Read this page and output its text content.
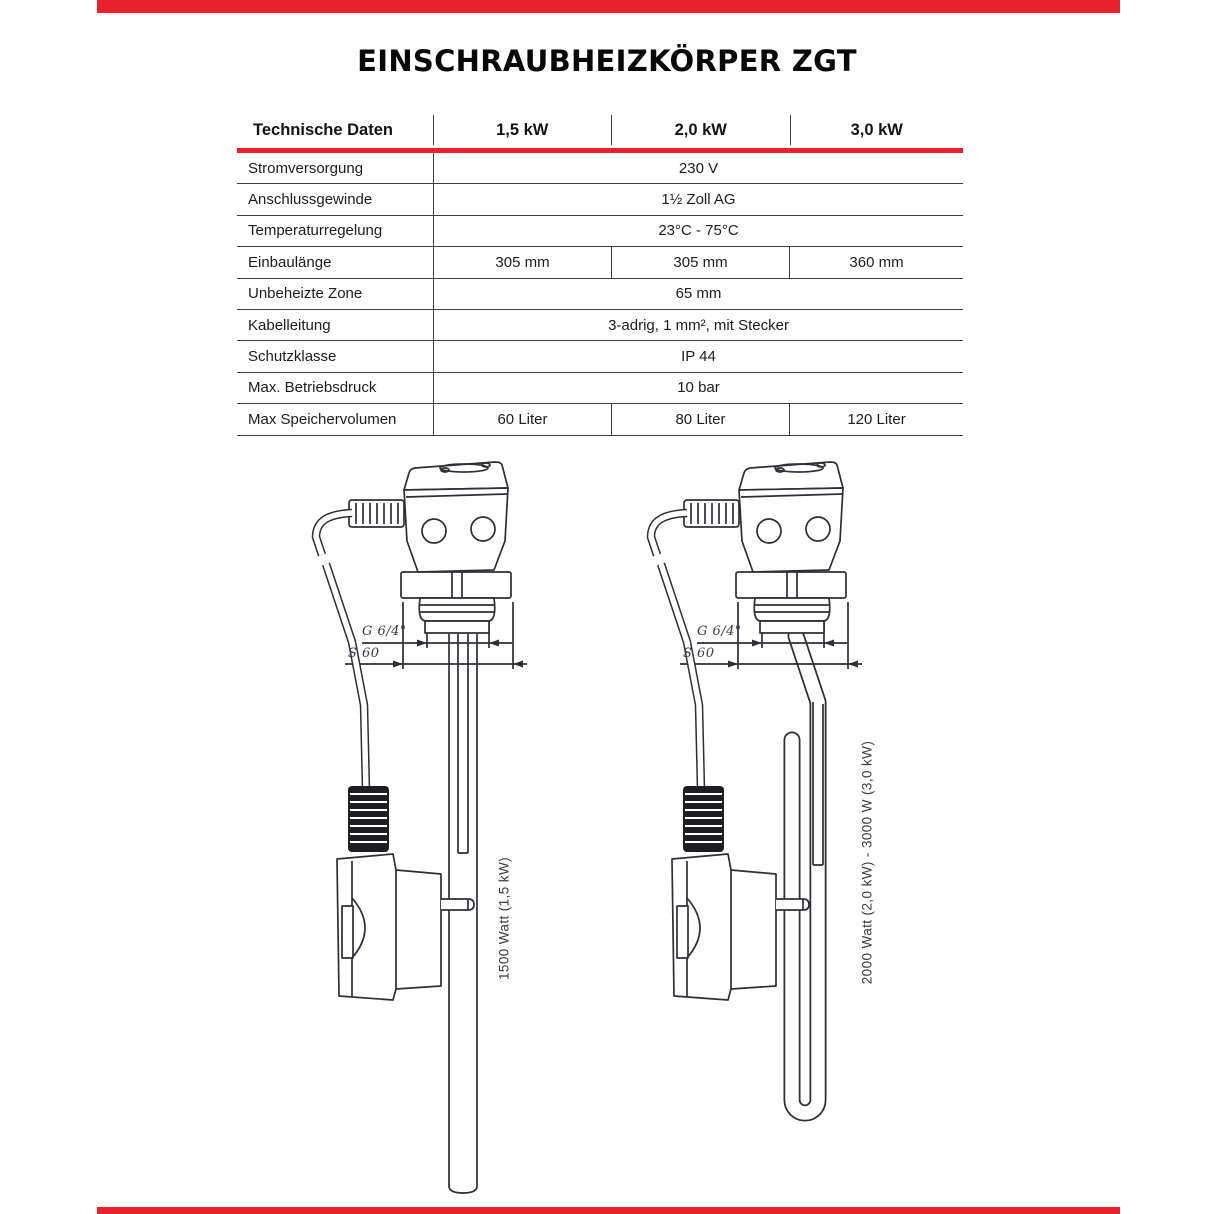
EINSCHRAUBHEIZKÖRPER ZGT
Technische Daten	1,5 kW	2,0 kW	3,0 kW
Stromversorgung	230 V
Anschlussgewinde	1½ Zoll AG
Temperaturregelung	23°C - 75°C
Einbaulänge	305 mm	305 mm	360 mm
Unbeheizte Zone	65 mm
Kabelleitung	3-adrig, 1 mm², mit Stecker
Schutzklasse	IP 44
Max. Betriebsdruck	10 bar
Max Speichervolumen	60 Liter	80 Liter	120 Liter
G 6/4"
S 60
G 6/4"
S 60
1500 Watt (1,5 kW)	2000 Watt (2,0 kW) - 3000 W (3,0 kW)
